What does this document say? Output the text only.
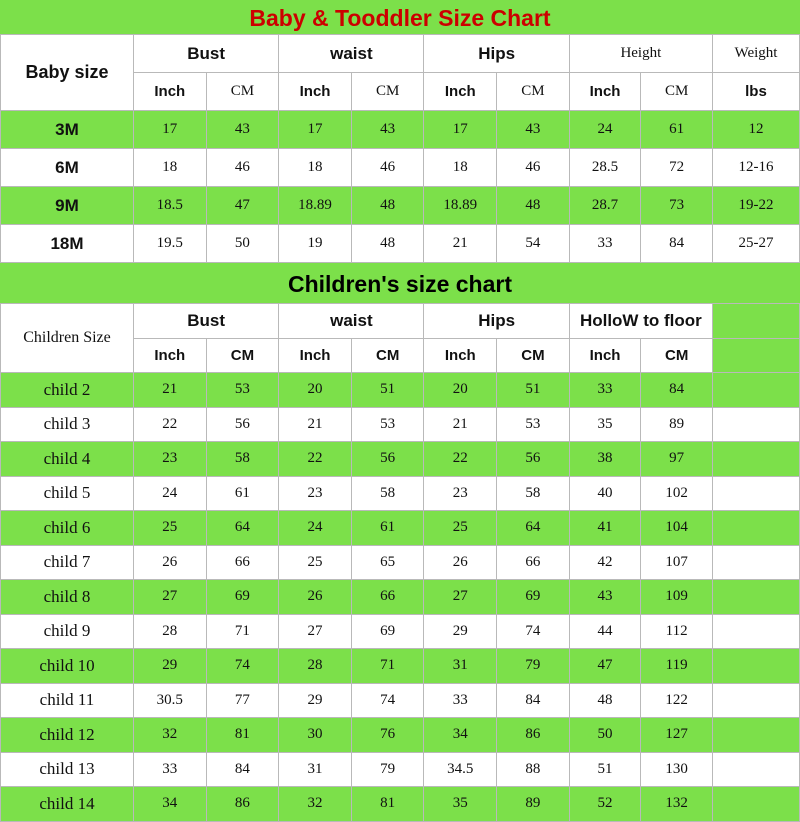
Baby & Tooddler Size Chart
Baby size	Bust		waist		Hips		Height		Weight
	Inch	CM	Inch	CM	Inch	CM	Inch	CM	lbs
3M	17	43	17	43	17	43	24	61	12
6M	18	46	18	46	18	46	28.5	72	12-16
9M	18.5	47	18.89	48	18.89	48	28.7	73	19-22
18M	19.5	50	19	48	21	54	33	84	25-27
Children's size chart
Children Size	Bust		waist		Hips		HolloW to floor		
	Inch	CM	Inch	CM	Inch	CM	Inch	CM	
child 2	21	53	20	51	20	51	33	84	
child 3	22	56	21	53	21	53	35	89	
child 4	23	58	22	56	22	56	38	97	
child 5	24	61	23	58	23	58	40	102	
child 6	25	64	24	61	25	64	41	104	
child 7	26	66	25	65	26	66	42	107	
child 8	27	69	26	66	27	69	43	109	
child 9	28	71	27	69	29	74	44	112	
child 10	29	74	28	71	31	79	47	119	
child 11	30.5	77	29	74	33	84	48	122	
child 12	32	81	30	76	34	86	50	127	
child 13	33	84	31	79	34.5	88	51	130	
child 14	34	86	32	81	35	89	52	132	
